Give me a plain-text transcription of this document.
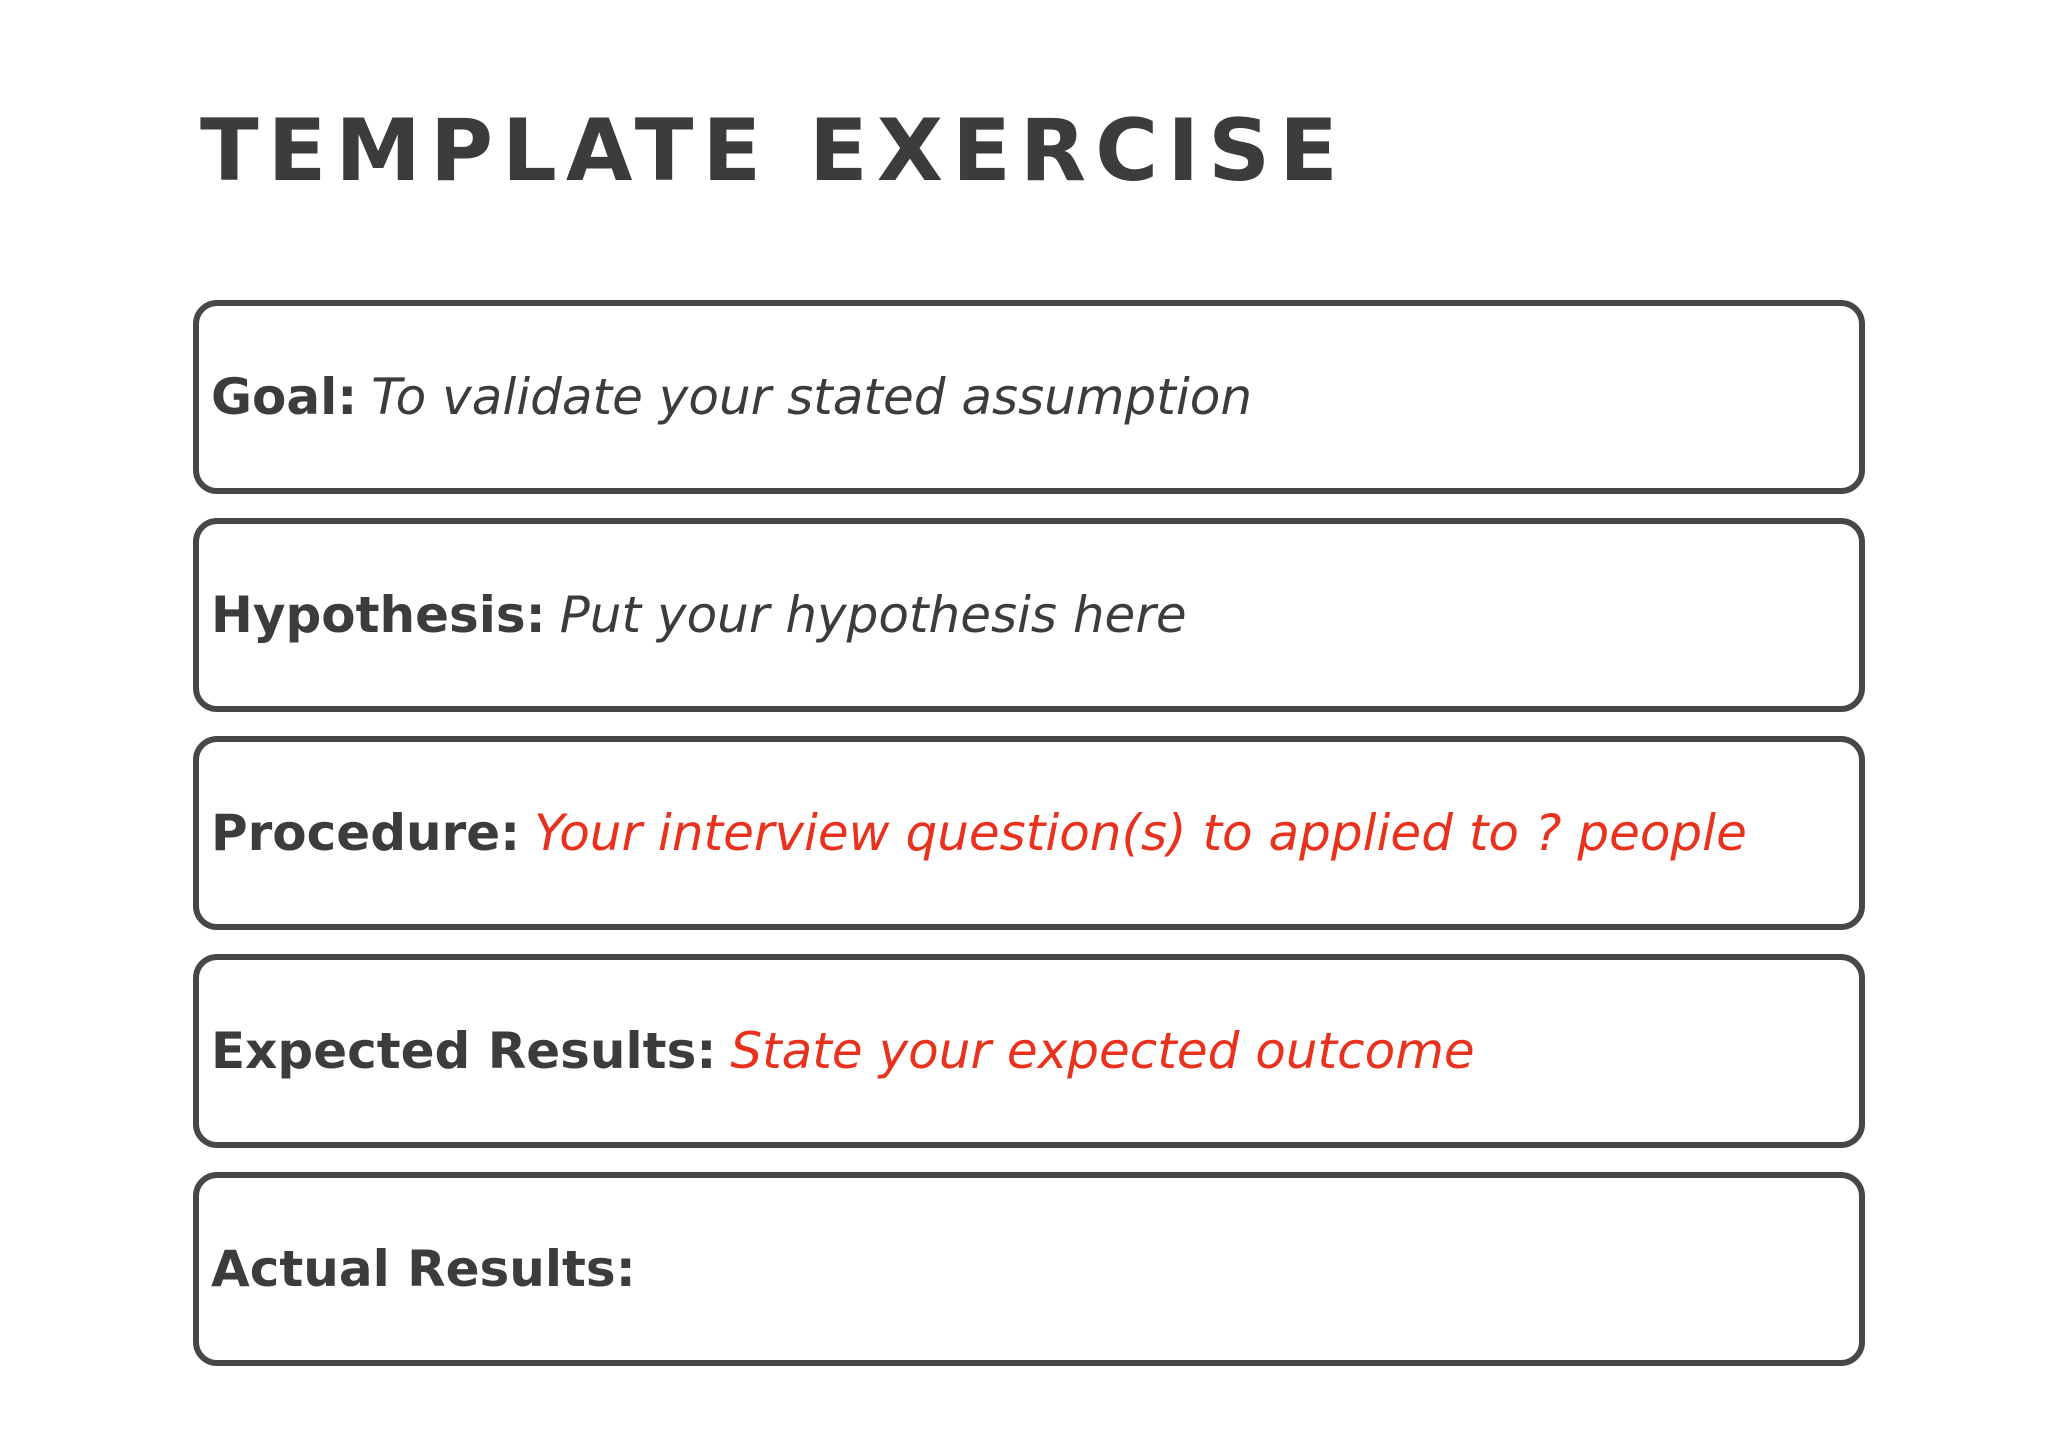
TEMPLATE EXERCISE
Goal: To validate your stated assumption
Hypothesis: Put your hypothesis here
Procedure: Your interview question(s) to applied to ? people
Expected Results: State your expected outcome
Actual Results:
